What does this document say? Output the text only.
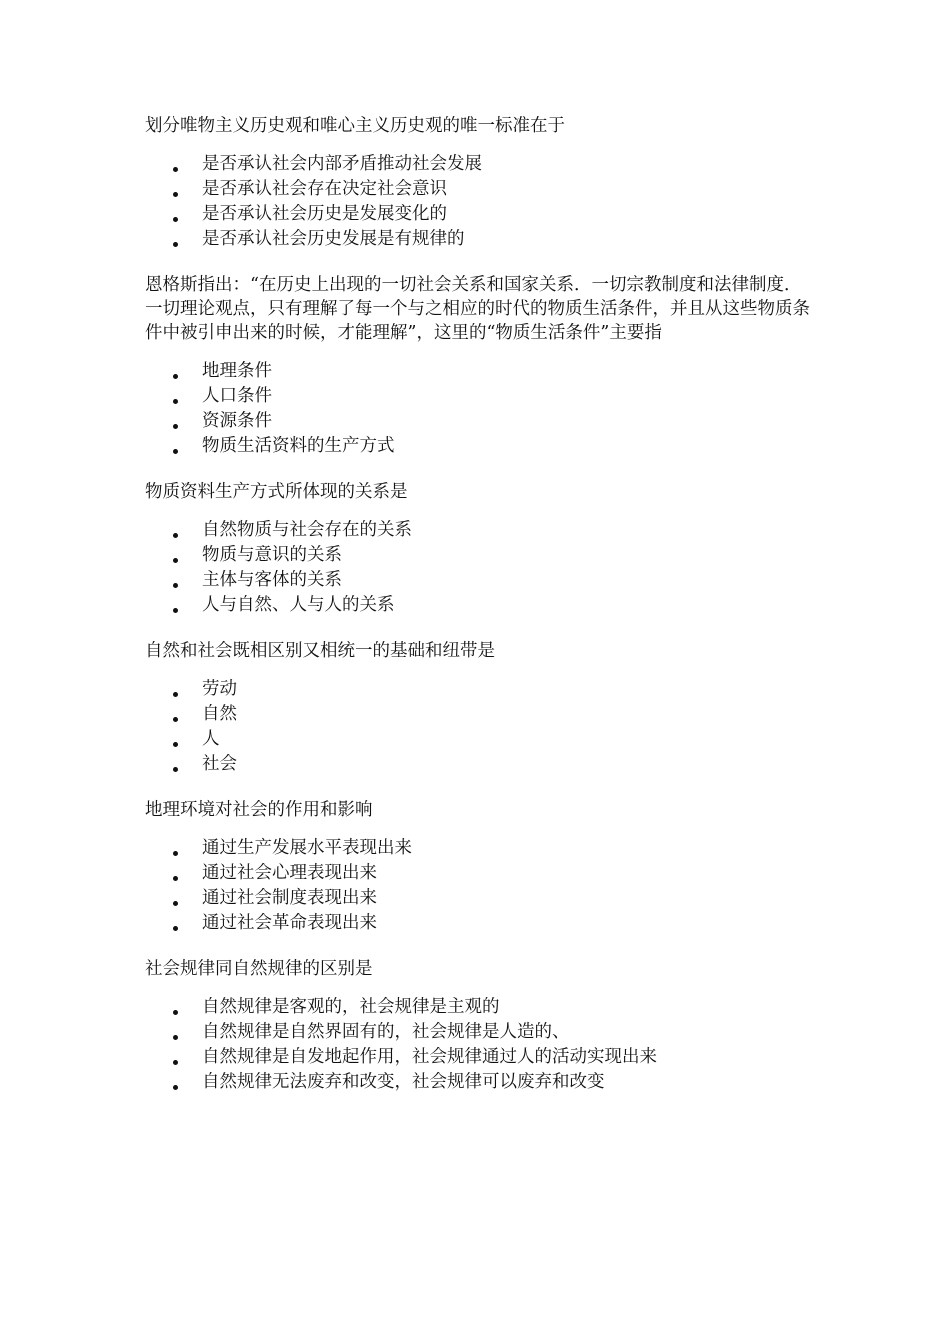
划分唯物主义历史观和唯心主义历史观的唯一标准在于

是否承认社会内部矛盾推动社会发展
是否承认社会存在决定社会意识
是否承认社会历史是发展变化的
是否承认社会历史发展是有规律的

恩格斯指出：“在历史上出现的一切社会关系和国家关系．一切宗教制度和法律制度．一切理论观点，只有理解了每一个与之相应的时代的物质生活条件，并且从这些物质条件中被引申出来的时候，才能理解”，这里的“物质生活条件”主要指

地理条件
人口条件
资源条件
物质生活资料的生产方式

物质资料生产方式所体现的关系是

自然物质与社会存在的关系
物质与意识的关系
主体与客体的关系
人与自然、人与人的关系

自然和社会既相区别又相统一的基础和纽带是

劳动
自然
人
社会

地理环境对社会的作用和影响

通过生产发展水平表现出来
通过社会心理表现出来
通过社会制度表现出来
通过社会革命表现出来

社会规律同自然规律的区别是

自然规律是客观的，社会规律是主观的
自然规律是自然界固有的，社会规律是人造的、
自然规律是自发地起作用，社会规律通过人的活动实现出来
自然规律无法废弃和改变，社会规律可以废弃和改变
